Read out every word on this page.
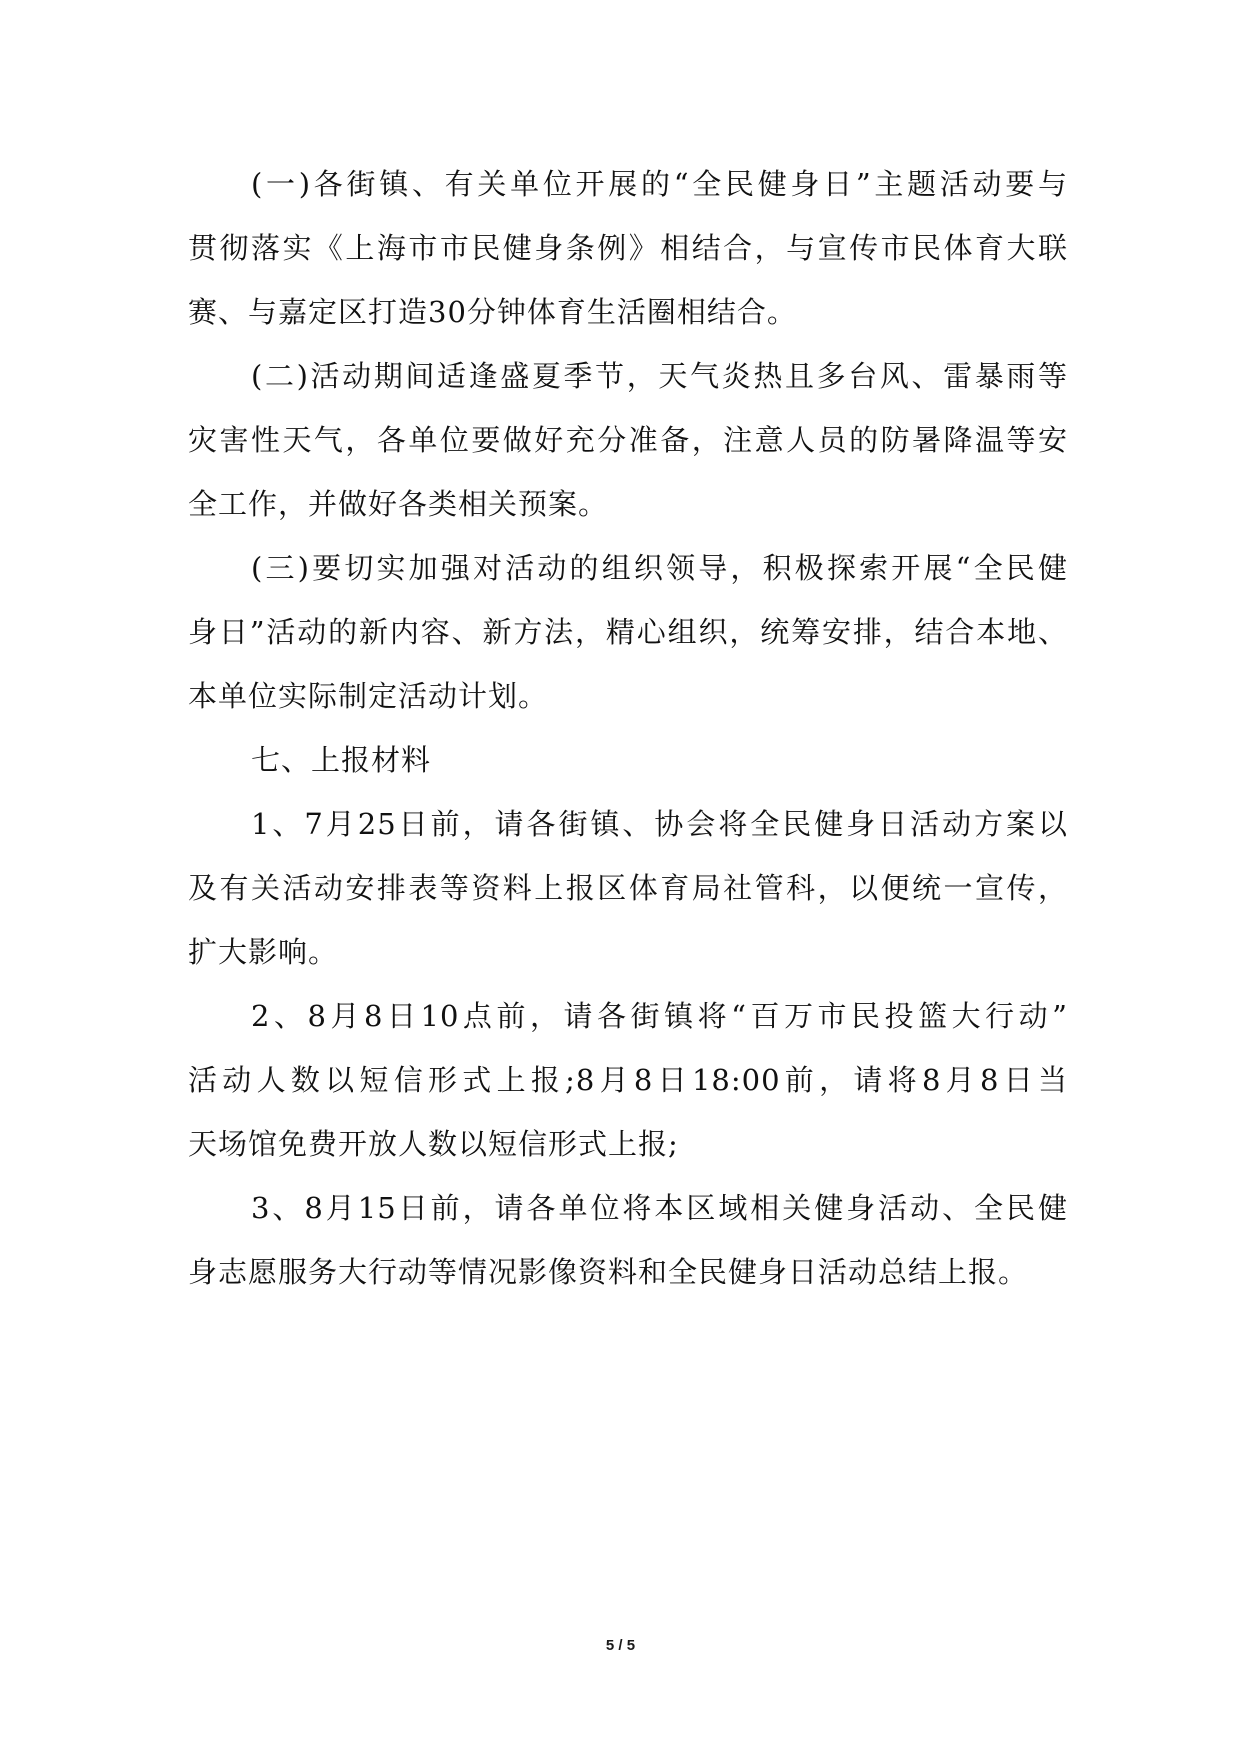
(一)各街镇、有关单位开展的“全民健身日”主题活动要与
贯彻落实《上海市市民健身条例》相结合，与宣传市民体育大联
赛、与嘉定区打造30分钟体育生活圈相结合。
(二)活动期间适逢盛夏季节，天气炎热且多台风、雷暴雨等
灾害性天气，各单位要做好充分准备，注意人员的防暑降温等安
全工作，并做好各类相关预案。
(三)要切实加强对活动的组织领导，积极探索开展“全民健
身日”活动的新内容、新方法，精心组织，统筹安排，结合本地、
本单位实际制定活动计划。
七、上报材料
1、7月25日前，请各街镇、协会将全民健身日活动方案以
及有关活动安排表等资料上报区体育局社管科，以便统一宣传，
扩大影响。
2、8月8日10点前，请各街镇将“百万市民投篮大行动”
活动人数以短信形式上报;8月8日18:00前，请将8月8日当
天场馆免费开放人数以短信形式上报;
3、8月15日前，请各单位将本区域相关健身活动、全民健
身志愿服务大行动等情况影像资料和全民健身日活动总结上报。
5 / 5
